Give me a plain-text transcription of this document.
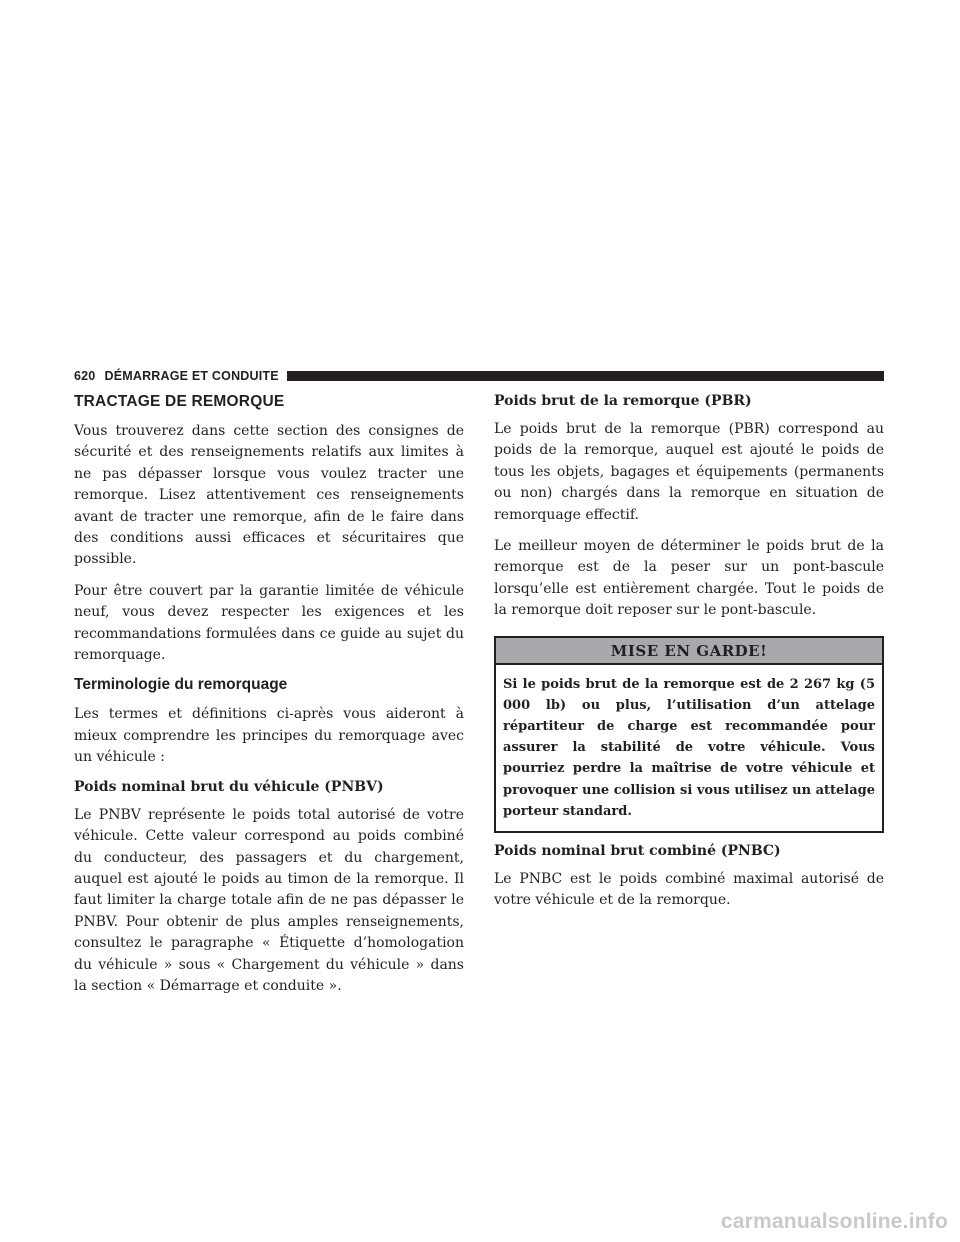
620 DÉMARRAGE ET CONDUITE
TRACTAGE DE REMORQUE

Vous trouverez dans cette section des consignes de sécurité et des renseignements relatifs aux limites à ne pas dépasser lorsque vous voulez tracter une remorque. Lisez attentivement ces renseignements avant de tracter une remorque, afin de le faire dans des conditions aussi efficaces et sécuritaires que possible.

Pour être couvert par la garantie limitée de véhicule neuf, vous devez respecter les exigences et les recommandations formulées dans ce guide au sujet du remorquage.

Terminologie du remorquage

Les termes et définitions ci-après vous aideront à mieux comprendre les principes du remorquage avec un véhicule :

Poids nominal brut du véhicule (PNBV)

Le PNBV représente le poids total autorisé de votre véhicule. Cette valeur correspond au poids combiné du conducteur, des passagers et du chargement, auquel est ajouté le poids au timon de la remorque. Il faut limiter la charge totale afin de ne pas dépasser le PNBV. Pour obtenir de plus amples renseignements, consultez le paragraphe « Étiquette d’homologation du véhicule » sous « Chargement du véhicule » dans la section « Démarrage et conduite ».

Poids brut de la remorque (PBR)

Le poids brut de la remorque (PBR) correspond au poids de la remorque, auquel est ajouté le poids de tous les objets, bagages et équipements (permanents ou non) chargés dans la remorque en situation de remorquage effectif.

Le meilleur moyen de déterminer le poids brut de la remorque est de la peser sur un pont-bascule lorsqu’elle est entièrement chargée. Tout le poids de la remorque doit reposer sur le pont-bascule.

MISE EN GARDE!
Si le poids brut de la remorque est de 2 267 kg (5 000 lb) ou plus, l’utilisation d’un attelage répartiteur de charge est recommandée pour assurer la stabilité de votre véhicule. Vous pourriez perdre la maîtrise de votre véhicule et provoquer une collision si vous utilisez un attelage porteur standard.
Poids nominal brut combiné (PNBC)

Le PNBC est le poids combiné maximal autorisé de votre véhicule et de la remorque.

carmanualsonline.info
